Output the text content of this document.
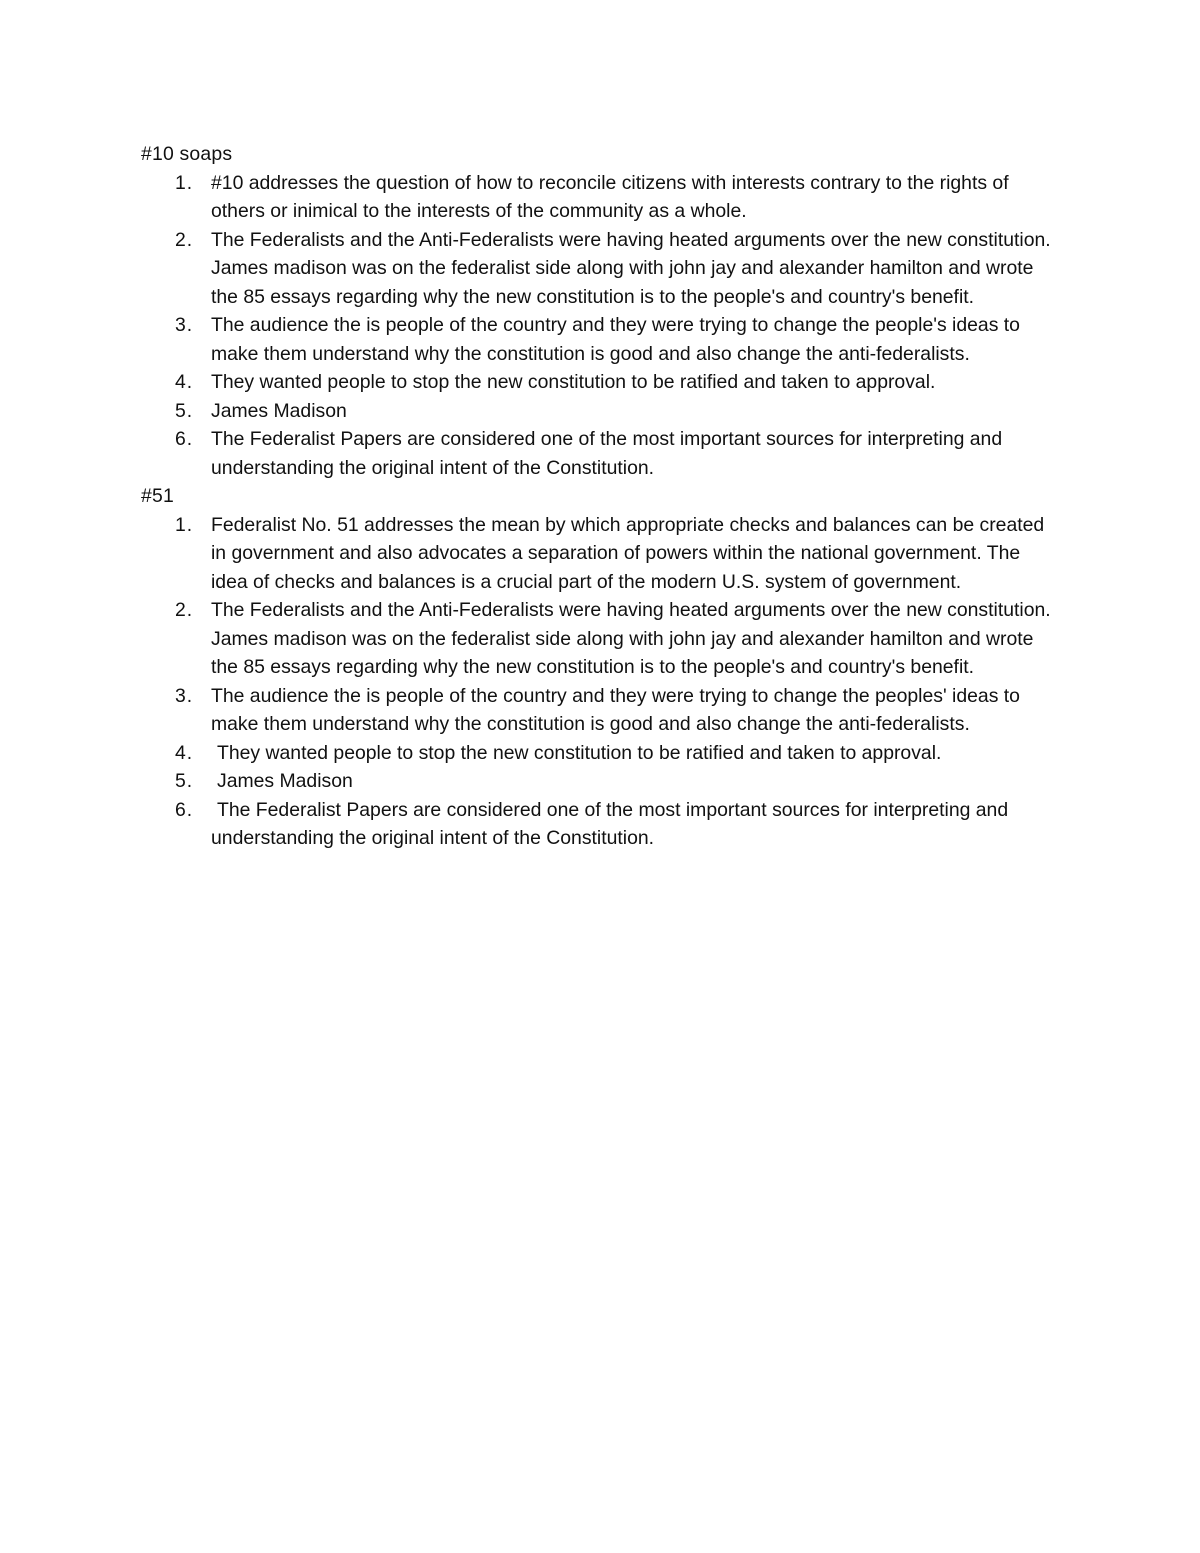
#10 soaps
1. #10 addresses the question of how to reconcile citizens with interests contrary to the rights of others or inimical to the interests of the community as a whole.
2. The Federalists and the Anti-Federalists were having heated arguments over the new constitution. James madison was on the federalist side along with john jay and alexander hamilton and wrote the 85 essays regarding why the new constitution is to the people's and country's benefit.
3. The audience the is people of the country and they were trying to change the people's ideas to make them understand why the constitution is good and also change the anti-federalists.
4. They wanted people to stop the new constitution to be ratified and taken to approval.
5. James Madison
6. The Federalist Papers are considered one of the most important sources for interpreting and understanding the original intent of the Constitution.
#51
1. Federalist No. 51 addresses the mean by which appropriate checks and balances can be created in government and also advocates a separation of powers within the national government. The idea of checks and balances is a crucial part of the modern U.S. system of government.
2. The Federalists and the Anti-Federalists were having heated arguments over the new constitution. James madison was on the federalist side along with john jay and alexander hamilton and wrote the 85 essays regarding why the new constitution is to the people's and country's benefit.
3. The audience the is people of the country and they were trying to change the peoples' ideas to make them understand why the constitution is good and also change the anti-federalists.
4.	They wanted people to stop the new constitution to be ratified and taken to approval.
5.	James Madison
6.	The Federalist Papers are considered one of the most important sources for interpreting and understanding the original intent of the Constitution.
